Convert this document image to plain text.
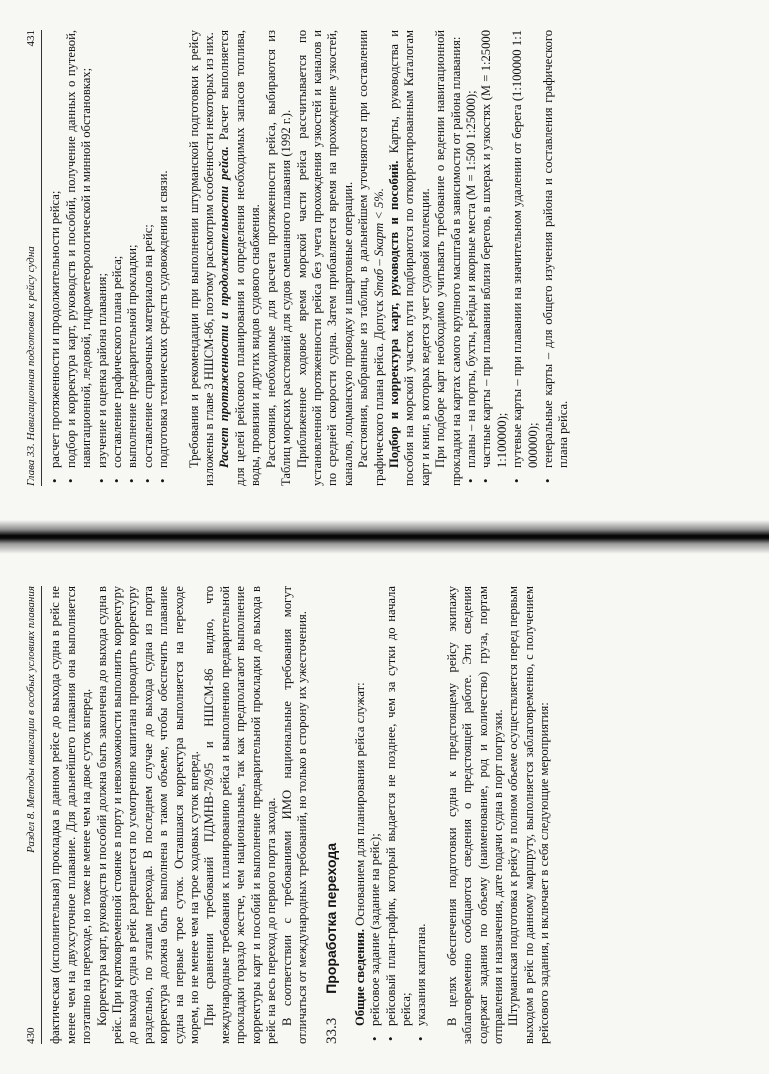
430
Раздел 8. Методы навигации в особых условиях плавания фактическая (исполнительная) прокладка в данном рейсе до выхода судна в рейс не менее чем на двухсуточное плавание. Для дальнейшего плавания она выполняется поэтапно на переходе, но тоже не менее чем на двое суток вперед. Корректура карт, руководств и пособий должна быть закончена до выхода судна в рейс. При кратковременной стоянке в порту и невозможности выполнить корректуру до выхода судна в рейс разрешается по усмотрению капитана проводить корректуру раздельно, по этапам перехода. В последнем случае до выхода судна из порта корректура должна быть выполнена в таком объеме, чтобы обеспечить плавание судна на первые трое суток. Оставшаяся корректура выполняется на переходе морем, но не менее чем на трое ходовых суток вперед. При сравнении требований ПДМНВ-78/95 и НШСМ-86 видно, что международные требования к планированию рейса и выполнению предварительной прокладки гораздо жестче, чем национальные, так как предполагают выполнение корректуры карт и пособий и выполнение предварительной прокладки до выхода в рейс на весь переход до первого порта захода. В соответствии с требованиями ИМО национальные требования могут отличаться от международных требований, но только в сторону их ужесточения. 33.3
Проработка перехода Общие сведения. Основанием для планирования рейса служат:

• рейсовое задание (задание на рейс); • рейсовый план-график, который выдается не позднее, чем за сутки до начала рейса; • указания капитана. В целях обеспечения подготовки судна к предстоящему рейсу экипажу заблаговременно сообщаются сведения о предстоящей работе. Эти сведения содержат задания по объему (наименование, род и количество) груза, портам отправления и назначения, дате подачи судна в порт погрузки. Штурманская подготовка к рейсу в полном объеме осуществляется перед первым выходом в рейс по данному маршруту, выполняется заблаговременно, с получением рейсового задания, и включает в себя следующие мероприятия:

Глава 33. Навигационная подготовка к рейсу судна
431
• расчет протяженности и продолжительности рейса; • подбор и корректура карт, руководств и пособий, получение данных о путевой, навигационной, ледовой, гидрометеорологической и минной обстановках; • изучение и оценка района плавания; • составление графического плана рейса; • выполнение предварительной прокладки; • составление справочных материалов на рейс; • подготовка технических средств судовождения и связи. Требования и рекомендации при выполнении штурманской подготовки к рейсу изложены в главе 3 НШСМ-86, поэтому рассмотрим особенности некоторых из них. Расчет протяженности и продолжительности рейса. Расчет выполняется для целей рейсового планирования и определения необходимых запасов топлива, воды, провизии и других видов судового снабжения. Расстояния, необходимые для расчета протяженности рейса, выбираются из Таблиц морских расстояний для судов смешанного плавания (1992 г.). Приближенное ходовое время морской части рейса рассчитывается по установленной протяженности рейса без учета прохождения узкостей и каналов и по средней скорости судна. Затем прибавляется время на прохождение узкостей, каналов, лоцманскую проводку и швартовные операции. Расстояния, выбранные из таблиц, в дальнейшем уточняются при составлении графического плана рейса. Допуск Sтаб – Sкарт < 5%. Подбор и корректура карт, руководств и пособий. Карты, руководства и пособия на морской участок пути подбираются по откорректированным Каталогам карт и книг, в которых ведется учет судовой коллекции. При подборе карт необходимо учитывать требование о ведении навигационной прокладки на картах самого крупного масштаба в зависимости от района плавания: • планы – на порты, бухты, рейды и якорные места (М = 1:500 1:25000); • частные карты – при плавании вблизи берегов, в шхерах и узкостях (М = 1:25000 1:100000); • путевые карты – при плавании на значительном удалении от берега (1:100000 1:1 000000); • генеральные карты – для общего изучения района и составления графического плана рейса.
